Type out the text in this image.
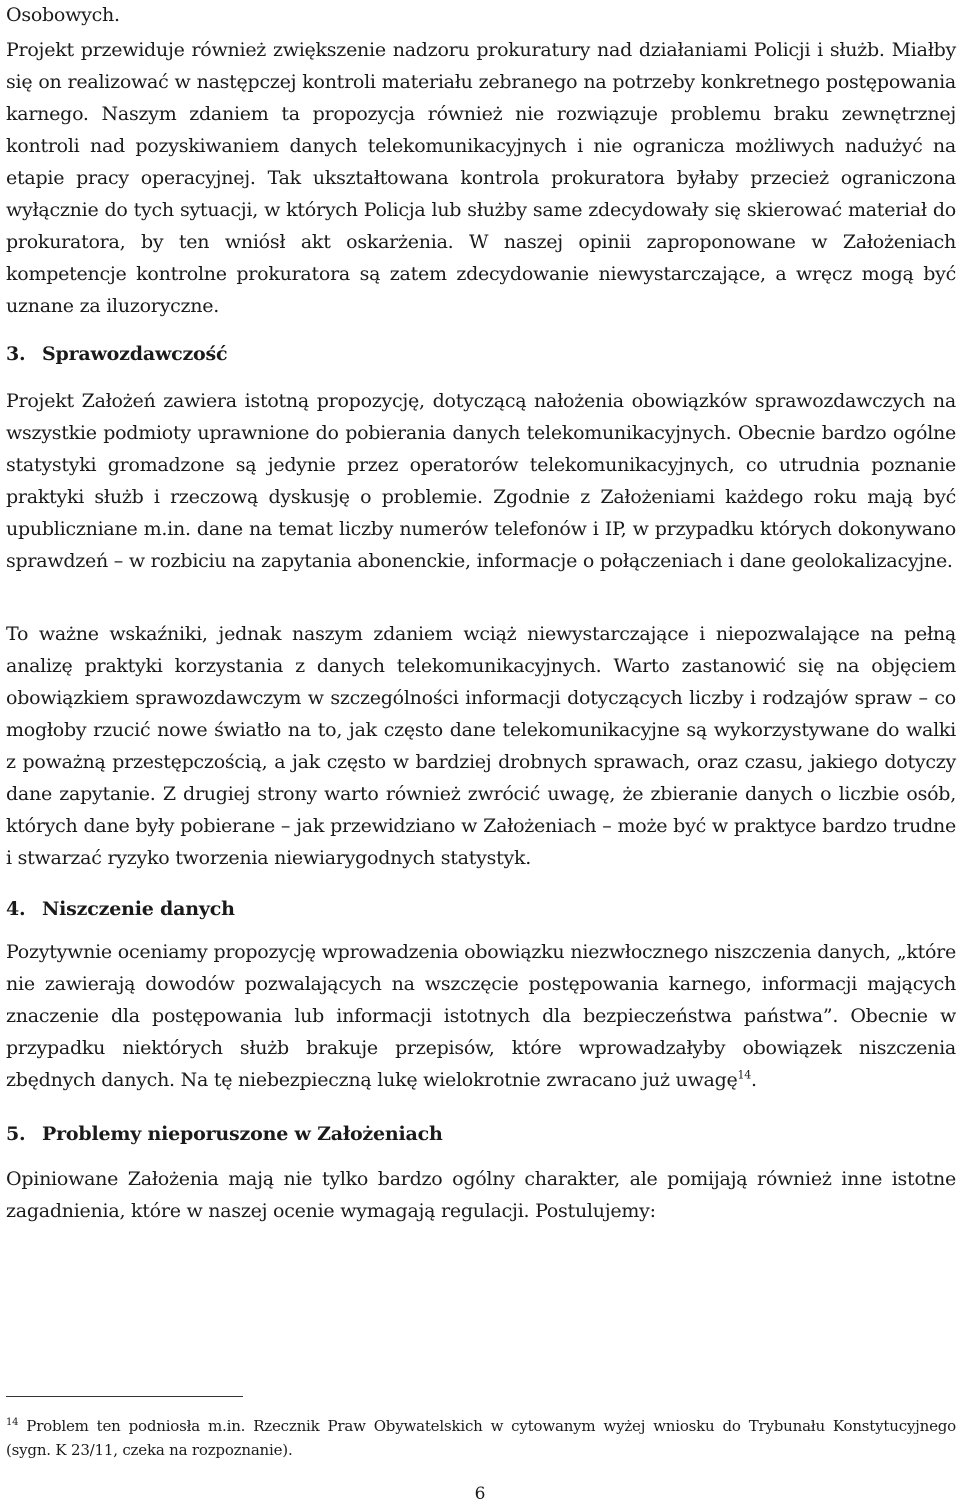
Osobowych.

Projekt przewiduje również zwiększenie nadzoru prokuratury nad działaniami Policji i służb. Miałby się on realizować w następczej kontroli materiału zebranego na potrzeby konkretnego postępowania karnego. Naszym zdaniem ta propozycja również nie rozwiązuje problemu braku zewnętrznej kontroli nad pozyskiwaniem danych telekomunikacyjnych i nie ogranicza możliwych nadużyć na etapie pracy operacyjnej. Tak ukształtowana kontrola prokuratora byłaby przecież ograniczona wyłącznie do tych sytuacji, w których Policja lub służby same zdecydowały się skierować materiał do prokuratora, by ten wniósł akt oskarżenia. W naszej opinii zaproponowane w Założeniach kompetencje kontrolne prokuratora są zatem zdecydowanie niewystarczające, a wręcz mogą być uznane za iluzoryczne.

3. Sprawozdawczość

Projekt Założeń zawiera istotną propozycję, dotyczącą nałożenia obowiązków sprawozdawczych na wszystkie podmioty uprawnione do pobierania danych telekomunikacyjnych. Obecnie bardzo ogólne statystyki gromadzone są jedynie przez operatorów telekomunikacyjnych, co utrudnia poznanie praktyki służb i rzeczową dyskusję o problemie. Zgodnie z Założeniami każdego roku mają być upubliczniane m.in. dane na temat liczby numerów telefonów i IP, w przypadku których dokonywano sprawdzeń – w rozbiciu na zapytania abonenckie, informacje o połączeniach i dane geolokalizacyjne.

To ważne wskaźniki, jednak naszym zdaniem wciąż niewystarczające i niepozwalające na pełną analizę praktyki korzystania z danych telekomunikacyjnych. Warto zastanowić się na objęciem obowiązkiem sprawozdawczym w szczególności informacji dotyczących liczby i rodzajów spraw – co mogłoby rzucić nowe światło na to, jak często dane telekomunikacyjne są wykorzystywane do walki z poważną przestępczością, a jak często w bardziej drobnych sprawach, oraz czasu, jakiego dotyczy dane zapytanie. Z drugiej strony warto również zwrócić uwagę, że zbieranie danych o liczbie osób, których dane były pobierane – jak przewidziano w Założeniach – może być w praktyce bardzo trudne i stwarzać ryzyko tworzenia niewiarygodnych statystyk.

4. Niszczenie danych

Pozytywnie oceniamy propozycję wprowadzenia obowiązku niezwłocznego niszczenia danych, „które nie zawierają dowodów pozwalających na wszczęcie postępowania karnego, informacji mających znaczenie dla postępowania lub informacji istotnych dla bezpieczeństwa państwa”. Obecnie w przypadku niektórych służb brakuje przepisów, które wprowadzałyby obowiązek niszczenia zbędnych danych. Na tę niebezpieczną lukę wielokrotnie zwracano już uwagę$^{14}$.

5. Problemy nieporuszone w Założeniach

Opiniowane Założenia mają nie tylko bardzo ogólny charakter, ale pomijają również inne istotne zagadnienia, które w naszej ocenie wymagają regulacji. Postulujemy:

$^{14}$ Problem ten podniosła m.in. Rzecznik Praw Obywatelskich w cytowanym wyżej wniosku do Trybunału Konstytucyjnego (sygn. K 23/11, czeka na rozpoznanie).

6
